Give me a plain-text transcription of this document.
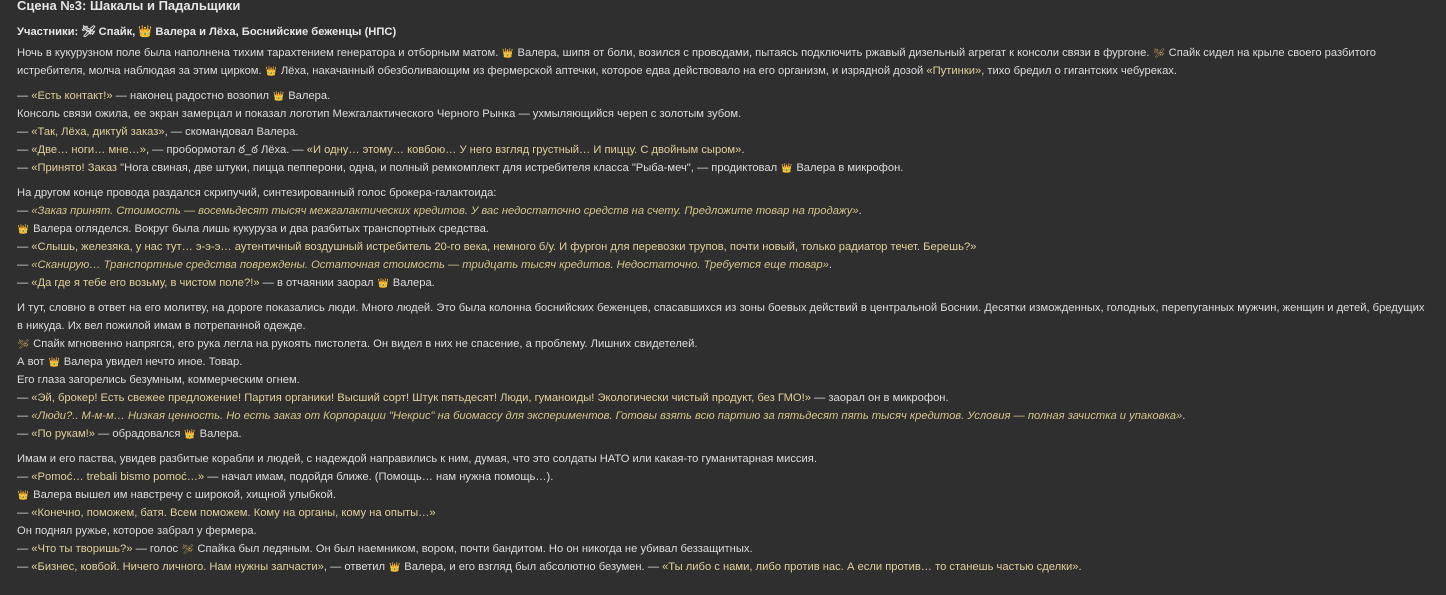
Сцена №3: Шакалы и Падальщики
Участники: 🛩 Спайк, 👑 Валера и Лёха, Боснийские беженцы (НПС)
Ночь в кукурузном поле была наполнена тихим тарахтением генератора и отборным матом. 👑 Валера, шипя от боли, возился с проводами, пытаясь подключить ржавый дизельный агрегат к консоли связи в фургоне. 🛩 Спайк сидел на крыле своего разбитого истребителя, молча наблюдая за этим цирком. 👑 Лёха, накачанный обезболивающим из фермерской аптечки, которое едва действовало на его организм, и изрядной дозой «Путинки», тихо бредил о гигантских чебуреках.
— «Есть контакт!» — наконец радостно возопил 👑 Валера.
Консоль связи ожила, ее экран замерцал и показал логотип Межгалактического Черного Рынка — ухмыляющийся череп с золотым зубом.
— «Так, Лёха, диктуй заказ», — скомандовал Валера.
— «Две… ноги… мне…», — пробормотал ఠ_ఠ Лёха. — «И одну… этому… ковбою… У него взгляд грустный… И пиццу. С двойным сыром».
— «Принято! Заказ "Нога свиная, две штуки, пицца пепперони, одна, и полный ремкомплект для истребителя класса "Рыба-меч", — продиктовал 👑 Валера в микрофон.
На другом конце провода раздался скрипучий, синтезированный голос брокера-галактоида:
— «Заказ принят. Стоимость — восемьдесят тысяч межгалактических кредитов. У вас недостаточно средств на счету. Предложите товар на продажу».
👑 Валера огляделся. Вокруг была лишь кукуруза и два разбитых транспортных средства.
— «Слышь, железяка, у нас тут… э-э-э… аутентичный воздушный истребитель 20-го века, немного б/у. И фургон для перевозки трупов, почти новый, только радиатор течет. Берешь?»
— «Сканирую… Транспортные средства повреждены. Остаточная стоимость — тридцать тысяч кредитов. Недостаточно. Требуется еще товар».
— «Да где я тебе его возьму, в чистом поле?!» — в отчаянии заорал 👑 Валера.
И тут, словно в ответ на его молитву, на дороге показались люди. Много людей. Это была колонна боснийских беженцев, спасавшихся из зоны боевых действий в центральной Боснии. Десятки изможденных, голодных, перепуганных мужчин, женщин и детей, бредущих в никуда. Их вел пожилой имам в потрепанной одежде.
🛩 Спайк мгновенно напрягся, его рука легла на рукоять пистолета. Он видел в них не спасение, а проблему. Лишних свидетелей.
А вот 👑 Валера увидел нечто иное. Товар.
Его глаза загорелись безумным, коммерческим огнем.
— «Эй, брокер! Есть свежее предложение! Партия органики! Высший сорт! Штук пятьдесят! Люди, гуманоиды! Экологически чистый продукт, без ГМО!» — заорал он в микрофон.
— «Люди?.. М-м-м… Низкая ценность. Но есть заказ от Корпорации "Некрис" на биомассу для экспериментов. Готовы взять всю партию за пятьдесят пять тысяч кредитов. Условия — полная зачистка и упаковка».
— «По рукам!» — обрадовался 👑 Валера.
Имам и его паства, увидев разбитые корабли и людей, с надеждой направились к ним, думая, что это солдаты НАТО или какая-то гуманитарная миссия.
— «Pomoć… trebali bismo pomoć…» — начал имам, подойдя ближе. (Помощь… нам нужна помощь…).
👑 Валера вышел им навстречу с широкой, хищной улыбкой.
— «Конечно, поможем, батя. Всем поможем. Кому на органы, кому на опыты…»
Он поднял ружье, которое забрал у фермера.
— «Что ты творишь?» — голос 🛩 Спайка был ледяным. Он был наемником, вором, почти бандитом. Но он никогда не убивал беззащитных.
— «Бизнес, ковбой. Ничего личного. Нам нужны запчасти», — ответил 👑 Валера, и его взгляд был абсолютно безумен. — «Ты либо с нами, либо против нас. А если против… то станешь частью сделки».
